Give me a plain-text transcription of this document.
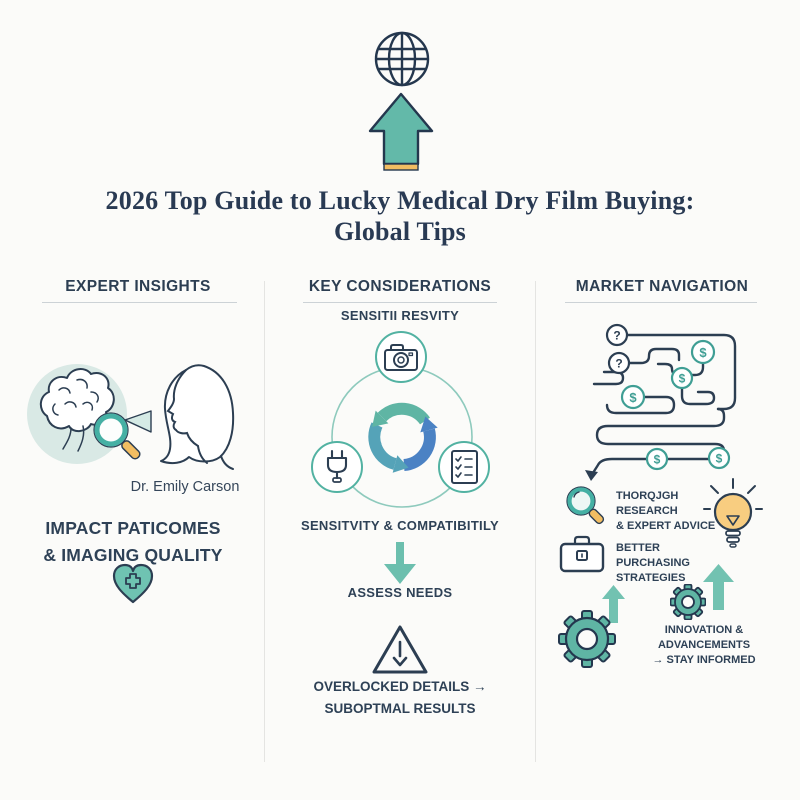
2026 Top Guide to Lucky Medical Dry Film Buying:
Global Tips
EXPERT INSIGHTS	KEY CONSIDERATIONS	MARKET NAVIGATION
Dr. Emily Carson
IMPACT PATICOMES
& IMAGING QUALITY
SENSITII RESVITY
SENSITVITY & COMPATIBITILY
ASSESS NEEDS
OVERLOCKED DETAILS →
SUBOPTMAL RESULTS
?
?
$
$
$
$	$
THORQJGH RESEARCH
& EXPERT ADVICE
BETTER PURCHASING
STRATEGIES
INNOVATION & ADVANCEMENTS
→ STAY INFORMED
